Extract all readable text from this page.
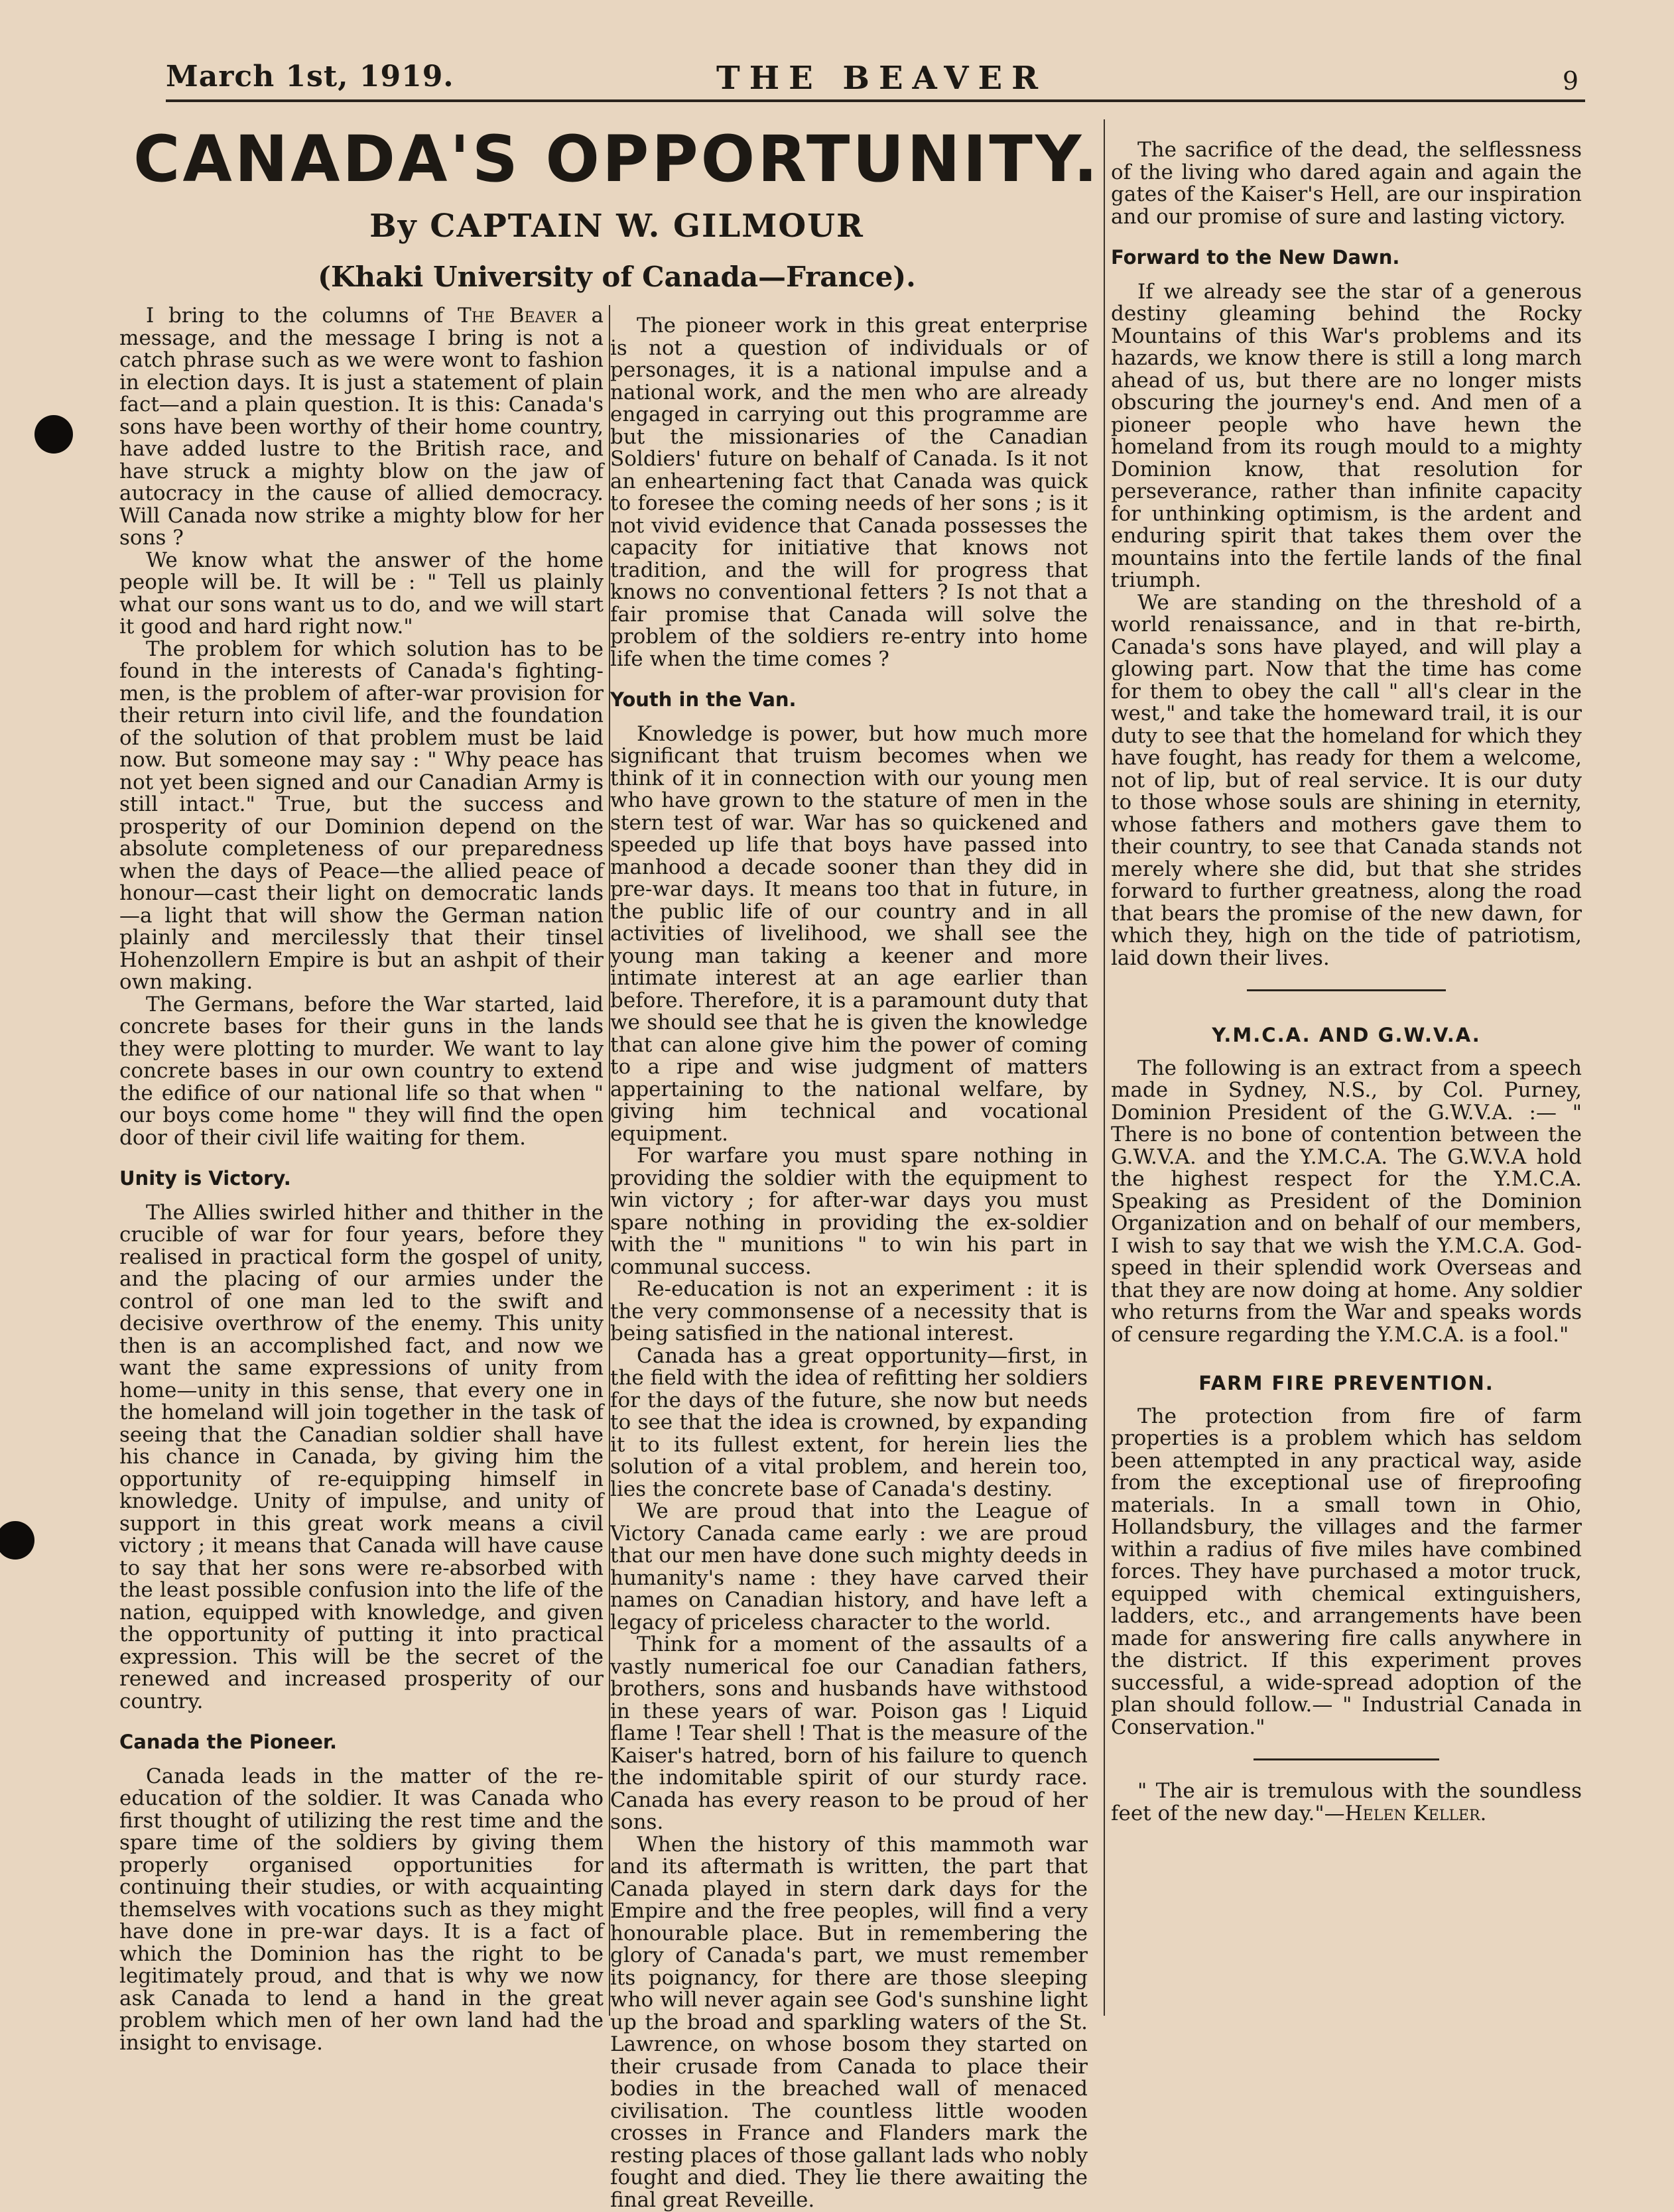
March 1st, 1919.	THE BEAVER	9
CANADA'S OPPORTUNITY.
By CAPTAIN W. GILMOUR
(Khaki University of Canada—France).

I bring to the columns of The Beaver a message, and the message I bring is not a catch phrase such as we were wont to fashion in election days. It is just a statement of plain fact—and a plain question. It is this: Canada's sons have been worthy of their home country, have added lustre to the British race, and have struck a mighty blow on the jaw of autocracy in the cause of allied democracy. Will Canada now strike a mighty blow for her sons ?

We know what the answer of the home people will be. It will be : " Tell us plainly what our sons want us to do, and we will start it good and hard right now."

The problem for which solution has to be found in the interests of Canada's fighting-men, is the problem of after-war provision for their return into civil life, and the foundation of the solution of that problem must be laid now. But someone may say : " Why peace has not yet been signed and our Canadian Army is still intact." True, but the success and prosperity of our Dominion depend on the absolute completeness of our preparedness when the days of Peace—the allied peace of honour—cast their light on democratic lands—a light that will show the German nation plainly and mercilessly that their tinsel Hohenzollern Empire is but an ashpit of their own making.

The Germans, before the War started, laid concrete bases for their guns in the lands they were plotting to murder. We want to lay concrete bases in our own country to extend the edifice of our national life so that when " our boys come home " they will find the open door of their civil life waiting for them.

Unity is Victory.

The Allies swirled hither and thither in the crucible of war for four years, before they realised in practical form the gospel of unity, and the placing of our armies under the control of one man led to the swift and decisive overthrow of the enemy. This unity then is an accomplished fact, and now we want the same expressions of unity from home—unity in this sense, that every one in the homeland will join together in the task of seeing that the Canadian soldier shall have his chance in Canada, by giving him the opportunity of re-equipping himself in knowledge. Unity of impulse, and unity of support in this great work means a civil victory ; it means that Canada will have cause to say that her sons were re-absorbed with the least possible confusion into the life of the nation, equipped with knowledge, and given the opportunity of putting it into practical expression. This will be the secret of the renewed and increased prosperity of our country.

Canada the Pioneer.

Canada leads in the matter of the re-education of the soldier. It was Canada who first thought of utilizing the rest time and the spare time of the soldiers by giving them properly organised opportunities for continuing their studies, or with acquainting themselves with vocations such as they might have done in pre-war days. It is a fact of which the Dominion has the right to be legitimately proud, and that is why we now ask Canada to lend a hand in the great problem which men of her own land had the insight to envisage.

The pioneer work in this great enterprise is not a question of individuals or of personages, it is a national impulse and a national work, and the men who are already engaged in carrying out this programme are but the missionaries of the Canadian Soldiers' future on behalf of Canada. Is it not an enheartening fact that Canada was quick to foresee the coming needs of her sons ; is it not vivid evidence that Canada possesses the capacity for initiative that knows not tradition, and the will for progress that knows no conventional fetters ? Is not that a fair promise that Canada will solve the problem of the soldiers re-entry into home life when the time comes ?

Youth in the Van.

Knowledge is power, but how much more significant that truism becomes when we think of it in connection with our young men who have grown to the stature of men in the stern test of war. War has so quickened and speeded up life that boys have passed into manhood a decade sooner than they did in pre-war days. It means too that in future, in the public life of our country and in all activities of livelihood, we shall see the young man taking a keener and more intimate interest at an age earlier than before. Therefore, it is a paramount duty that we should see that he is given the knowledge that can alone give him the power of coming to a ripe and wise judgment of matters appertaining to the national welfare, by giving him technical and vocational equipment.

For warfare you must spare nothing in providing the soldier with the equipment to win victory ; for after-war days you must spare nothing in providing the ex-soldier with the " munitions " to win his part in communal success.

Re-education is not an experiment : it is the very commonsense of a necessity that is being satisfied in the national interest.

Canada has a great opportunity—first, in the field with the idea of refitting her soldiers for the days of the future, she now but needs to see that the idea is crowned, by expanding it to its fullest extent, for herein lies the solution of a vital problem, and herein too, lies the concrete base of Canada's destiny.

We are proud that into the League of Victory Canada came early : we are proud that our men have done such mighty deeds in humanity's name : they have carved their names on Canadian history, and have left a legacy of priceless character to the world.

Think for a moment of the assaults of a vastly numerical foe our Canadian fathers, brothers, sons and husbands have withstood in these years of war. Poison gas ! Liquid flame ! Tear shell ! That is the measure of the Kaiser's hatred, born of his failure to quench the indomitable spirit of our sturdy race. Canada has every reason to be proud of her sons.

When the history of this mammoth war and its aftermath is written, the part that Canada played in stern dark days for the Empire and the free peoples, will find a very honourable place. But in remembering the glory of Canada's part, we must remember its poignancy, for there are those sleeping who will never again see God's sunshine light up the broad and sparkling waters of the St. Lawrence, on whose bosom they started on their crusade from Canada to place their bodies in the breached wall of menaced civilisation. The countless little wooden crosses in France and Flanders mark the resting places of those gallant lads who nobly fought and died. They lie there awaiting the final great Reveille.

The sacrifice of the dead, the selflessness of the living who dared again and again the gates of the Kaiser's Hell, are our inspiration and our promise of sure and lasting victory.

Forward to the New Dawn.

If we already see the star of a generous destiny gleaming behind the Rocky Mountains of this War's problems and its hazards, we know there is still a long march ahead of us, but there are no longer mists obscuring the journey's end. And men of a pioneer people who have hewn the homeland from its rough mould to a mighty Dominion know, that resolution for perseverance, rather than infinite capacity for unthinking optimism, is the ardent and enduring spirit that takes them over the mountains into the fertile lands of the final triumph.

We are standing on the threshold of a world renaissance, and in that re-birth, Canada's sons have played, and will play a glowing part. Now that the time has come for them to obey the call " all's clear in the west," and take the homeward trail, it is our duty to see that the homeland for which they have fought, has ready for them a welcome, not of lip, but of real service. It is our duty to those whose souls are shining in eternity, whose fathers and mothers gave them to their country, to see that Canada stands not merely where she did, but that she strides forward to further greatness, along the road that bears the promise of the new dawn, for which they, high on the tide of patriotism, laid down their lives.

Y.M.C.A. AND G.W.V.A.

The following is an extract from a speech made in Sydney, N.S., by Col. Purney, Dominion President of the G.W.V.A. :— " There is no bone of contention between the G.W.V.A. and the Y.M.C.A. The G.W.V.A hold the highest respect for the Y.M.C.A. Speaking as President of the Dominion Organization and on behalf of our members, I wish to say that we wish the Y.M.C.A. God-speed in their splendid work Overseas and that they are now doing at home. Any soldier who returns from the War and speaks words of censure regarding the Y.M.C.A. is a fool."

FARM FIRE PREVENTION.

The protection from fire of farm properties is a problem which has seldom been attempted in any practical way, aside from the exceptional use of fireproofing materials. In a small town in Ohio, Hollandsbury, the villages and the farmer within a radius of five miles have combined forces. They have purchased a motor truck, equipped with chemical extinguishers, ladders, etc., and arrangements have been made for answering fire calls anywhere in the district. If this experiment proves successful, a wide-spread adoption of the plan should follow.— " Industrial Canada in Conservation."

" The air is tremulous with the soundless feet of the new day."—Helen Keller.
